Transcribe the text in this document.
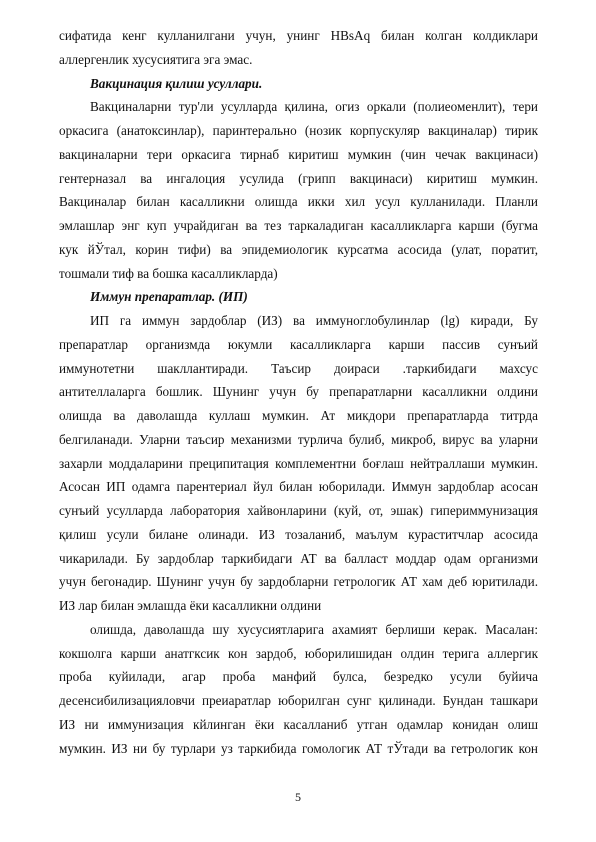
сифатида кенг кулланилгани учун, унинг HBsAq билан колган колдиклари
аллергенлик хусусиятига эга эмас.
Вакцинация қилиш усуллари.
Вакциналарни тур'ли усулларда қилина, огиз оркали (полиеоменлит), тери
оркасига (анатоксинлар), паринтерально (нозик корпускуляр вакциналар) тирик
вакциналарни тери оркасига тирнаб киритиш мумкин (чин чечак вакцинаси)
гентерназал ва ингалоция усулида (грипп вакцинаси) киритиш мумкин.
Вакциналар билан касалликни олишда икки хил усул кулланилади. Планли
эмлашлар энг куп учрайдиган ва тез таркаладиган касалликларга карши (бугма
кук йЎтал, корин тифи) ва эпидемиологик курсатма асосида (улат, поратит,
тошмали тиф ва бошка касалликларда)
Иммун препаратлар. (ИП)
ИП га иммун зардоблар (ИЗ) ва иммуноглобулинлар (lg) киради, Бу
препаратлар организмда юкумли касалликларга карши пассив сунъий
иммунотетни шакллантиради. Таъсир доираси .таркибидаги махсус
антителлаларга бошлик. Шунинг учун бу препаратларни касалликни олдини
олишда ва даволашда куллаш мумкин. Ат микдори препаратларда титрда
белгиланади. Уларни таъсир механизми турлича булиб, микроб, вирус ва уларни
захарли моддаларини преципитация комплементни боғлаш нейтраллаши мумкин.
Асосан ИП одамга парентериал йул билан юборилади. Иммун зардоблар асосан
сунъий усулларда лаборатория хайвонларини (куй, от, эшак) гипериммунизация
қилиш усули билане олинади. ИЗ тозаланиб, маълум кураститчлар асосида
чикарилади. Бу зардоблар таркибидаги АТ ва балласт моддар одам организми
учун бегонадир. Шунинг учун бу зардобларни гетрологик АТ хам деб юритилади.
ИЗ лар билан эмлашда ёки касалликни олдини
олишда, даволашда шу хусусиятларига ахамият берлиши керак. Масалан:
кокшолга карши анатгксик кон зардоб, юборилишидан олдин терига аллергик
проба куйилади, агар проба манфий булса, безредко усули буйича
десенсибилизацияловчи преиаратлар юборилган сунг қилинади. Бундан ташкари
ИЗ ни иммунизация кйлинган ёки касалланиб утган одамлар конидан олиш
мумкин. ИЗ ни бу турлари уз таркибида гомологик АТ тЎтади ва гетрологик кон
5
